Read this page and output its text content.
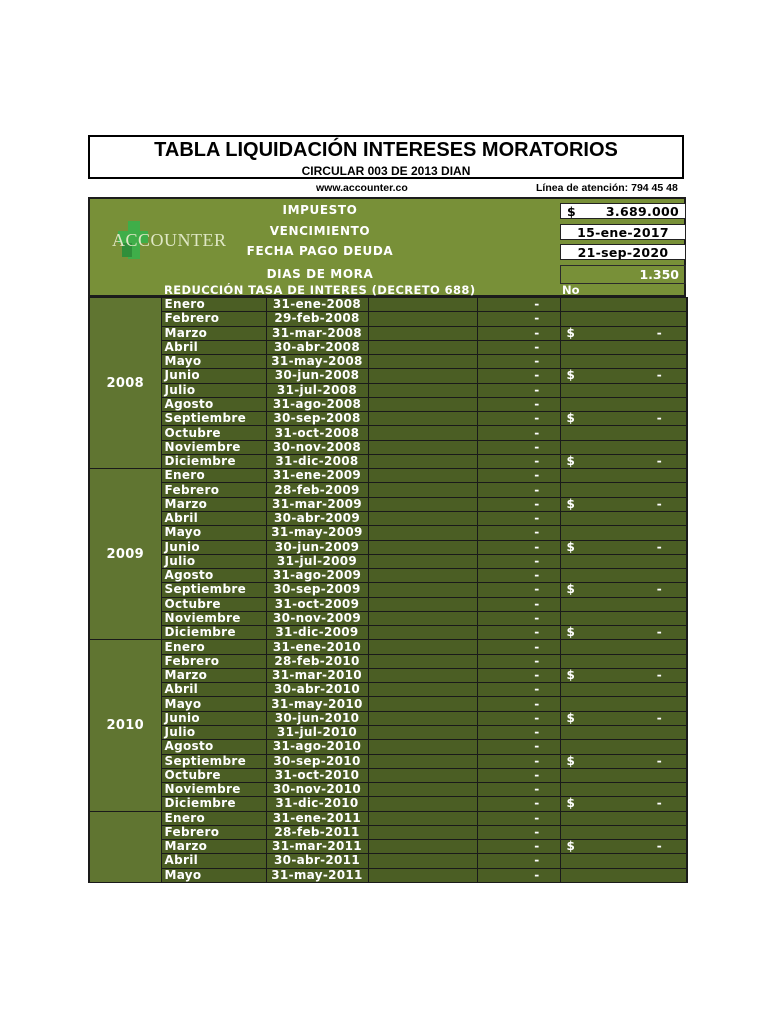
TABLA LIQUIDACIÓN INTERESES MORATORIOS
CIRCULAR 003 DE 2013 DIAN
www.accounter.co	Línea de atención: 794 45 48
ACCOUNTER
IMPUESTO	$ 3.689.000
VENCIMIENTO	15-ene-2017
FECHA PAGO DEUDA	21-sep-2020
DIAS DE MORA	1.350
REDUCCIÓN TASA DE INTERES (DECRETO 688)	No
2008	Enero	31-ene-2008		-	

	Febrero	29-feb-2008		-	

	Marzo	31-mar-2008		-	$ -

	Abril	30-abr-2008		-	

	Mayo	31-may-2008		-	

	Junio	30-jun-2008		-	$ -

	Julio	31-jul-2008		-	

	Agosto	31-ago-2008		-	

	Septiembre	30-sep-2008		-	$ -

	Octubre	31-oct-2008		-	

	Noviembre	30-nov-2008		-	

	Diciembre	31-dic-2008		-	$ -

2009	Enero	31-ene-2009		-	

	Febrero	28-feb-2009		-	

	Marzo	31-mar-2009		-	$ -

	Abril	30-abr-2009		-	

	Mayo	31-may-2009		-	

	Junio	30-jun-2009		-	$ -

	Julio	31-jul-2009		-	

	Agosto	31-ago-2009		-	

	Septiembre	30-sep-2009		-	$ -

	Octubre	31-oct-2009		-	

	Noviembre	30-nov-2009		-	

	Diciembre	31-dic-2009		-	$ -

2010	Enero	31-ene-2010		-	

	Febrero	28-feb-2010		-	

	Marzo	31-mar-2010		-	$ -

	Abril	30-abr-2010		-	

	Mayo	31-may-2010		-	

	Junio	30-jun-2010		-	$ -

	Julio	31-jul-2010		-	

	Agosto	31-ago-2010		-	

	Septiembre	30-sep-2010		-	$ -

	Octubre	31-oct-2010		-	

	Noviembre	30-nov-2010		-	

	Diciembre	31-dic-2010		-	$ -

	Enero	31-ene-2011		-	

	Febrero	28-feb-2011		-	

	Marzo	31-mar-2011		-	$ -

	Abril	30-abr-2011		-	

	Mayo	31-may-2011		-	
